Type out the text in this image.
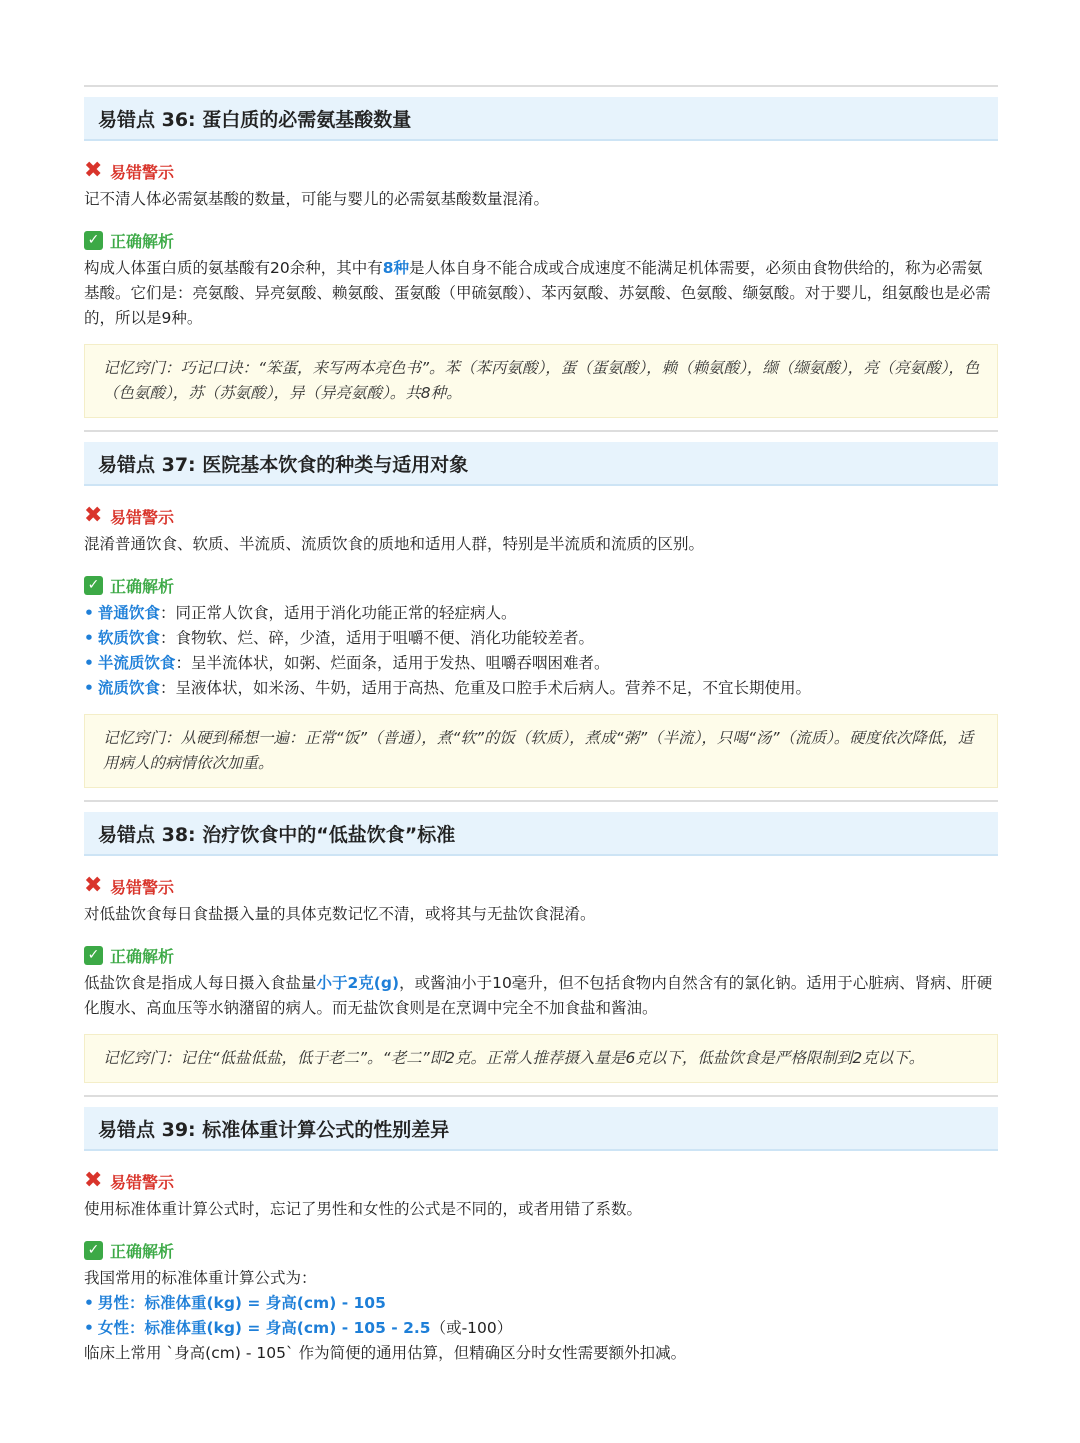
易错点 36: 蛋白质的必需氨基酸数量
✖ 易错警示

记不清人体必需氨基酸的数量，可能与婴儿的必需氨基酸数量混淆。

✓ 正确解析

构成人体蛋白质的氨基酸有20余种，其中有8种是人体自身不能合成或合成速度不能满足机体需要，必须由食物供给的，称为必需氨基酸。它们是：亮氨酸、异亮氨酸、赖氨酸、蛋氨酸（甲硫氨酸）、苯丙氨酸、苏氨酸、色氨酸、缬氨酸。对于婴儿，组氨酸也是必需的，所以是9种。

记忆窍门：巧记口诀：“笨蛋，来写两本亮色书”。苯（苯丙氨酸），蛋（蛋氨酸），赖（赖氨酸），缬（缬氨酸），亮（亮氨酸），色（色氨酸），苏（苏氨酸），异（异亮氨酸）。共8种。
易错点 37: 医院基本饮食的种类与适用对象
✖ 易错警示

混淆普通饮食、软质、半流质、流质饮食的质地和适用人群，特别是半流质和流质的区别。

✓ 正确解析
• 普通饮食：同正常人饮食，适用于消化功能正常的轻症病人。
• 软质饮食：食物软、烂、碎，少渣，适用于咀嚼不便、消化功能较差者。
• 半流质饮食：呈半流体状，如粥、烂面条，适用于发热、咀嚼吞咽困难者。
• 流质饮食：呈液体状，如米汤、牛奶，适用于高热、危重及口腔手术后病人。营养不足，不宜长期使用。
记忆窍门：从硬到稀想一遍：正常“饭”（普通），煮“软”的饭（软质），煮成“粥”（半流），只喝“汤”（流质）。硬度依次降低，适用病人的病情依次加重。
易错点 38: 治疗饮食中的“低盐饮食”标准
✖ 易错警示

对低盐饮食每日食盐摄入量的具体克数记忆不清，或将其与无盐饮食混淆。

✓ 正确解析

低盐饮食是指成人每日摄入食盐量小于2克(g)，或酱油小于10毫升，但不包括食物内自然含有的氯化钠。适用于心脏病、肾病、肝硬化腹水、高血压等水钠潴留的病人。而无盐饮食则是在烹调中完全不加食盐和酱油。

记忆窍门：记住“低盐低盐，低于老二”。“老二”即2克。正常人推荐摄入量是6克以下，低盐饮食是严格限制到2克以下。
易错点 39: 标准体重计算公式的性别差异
✖ 易错警示

使用标准体重计算公式时，忘记了男性和女性的公式是不同的，或者用错了系数。

✓ 正确解析

我国常用的标准体重计算公式为：

• 男性：标准体重(kg) = 身高(cm) - 105
• 女性：标准体重(kg) = 身高(cm) - 105 - 2.5（或-100）

临床上常用 `身高(cm) - 105` 作为简便的通用估算，但精确区分时女性需要额外扣减。
